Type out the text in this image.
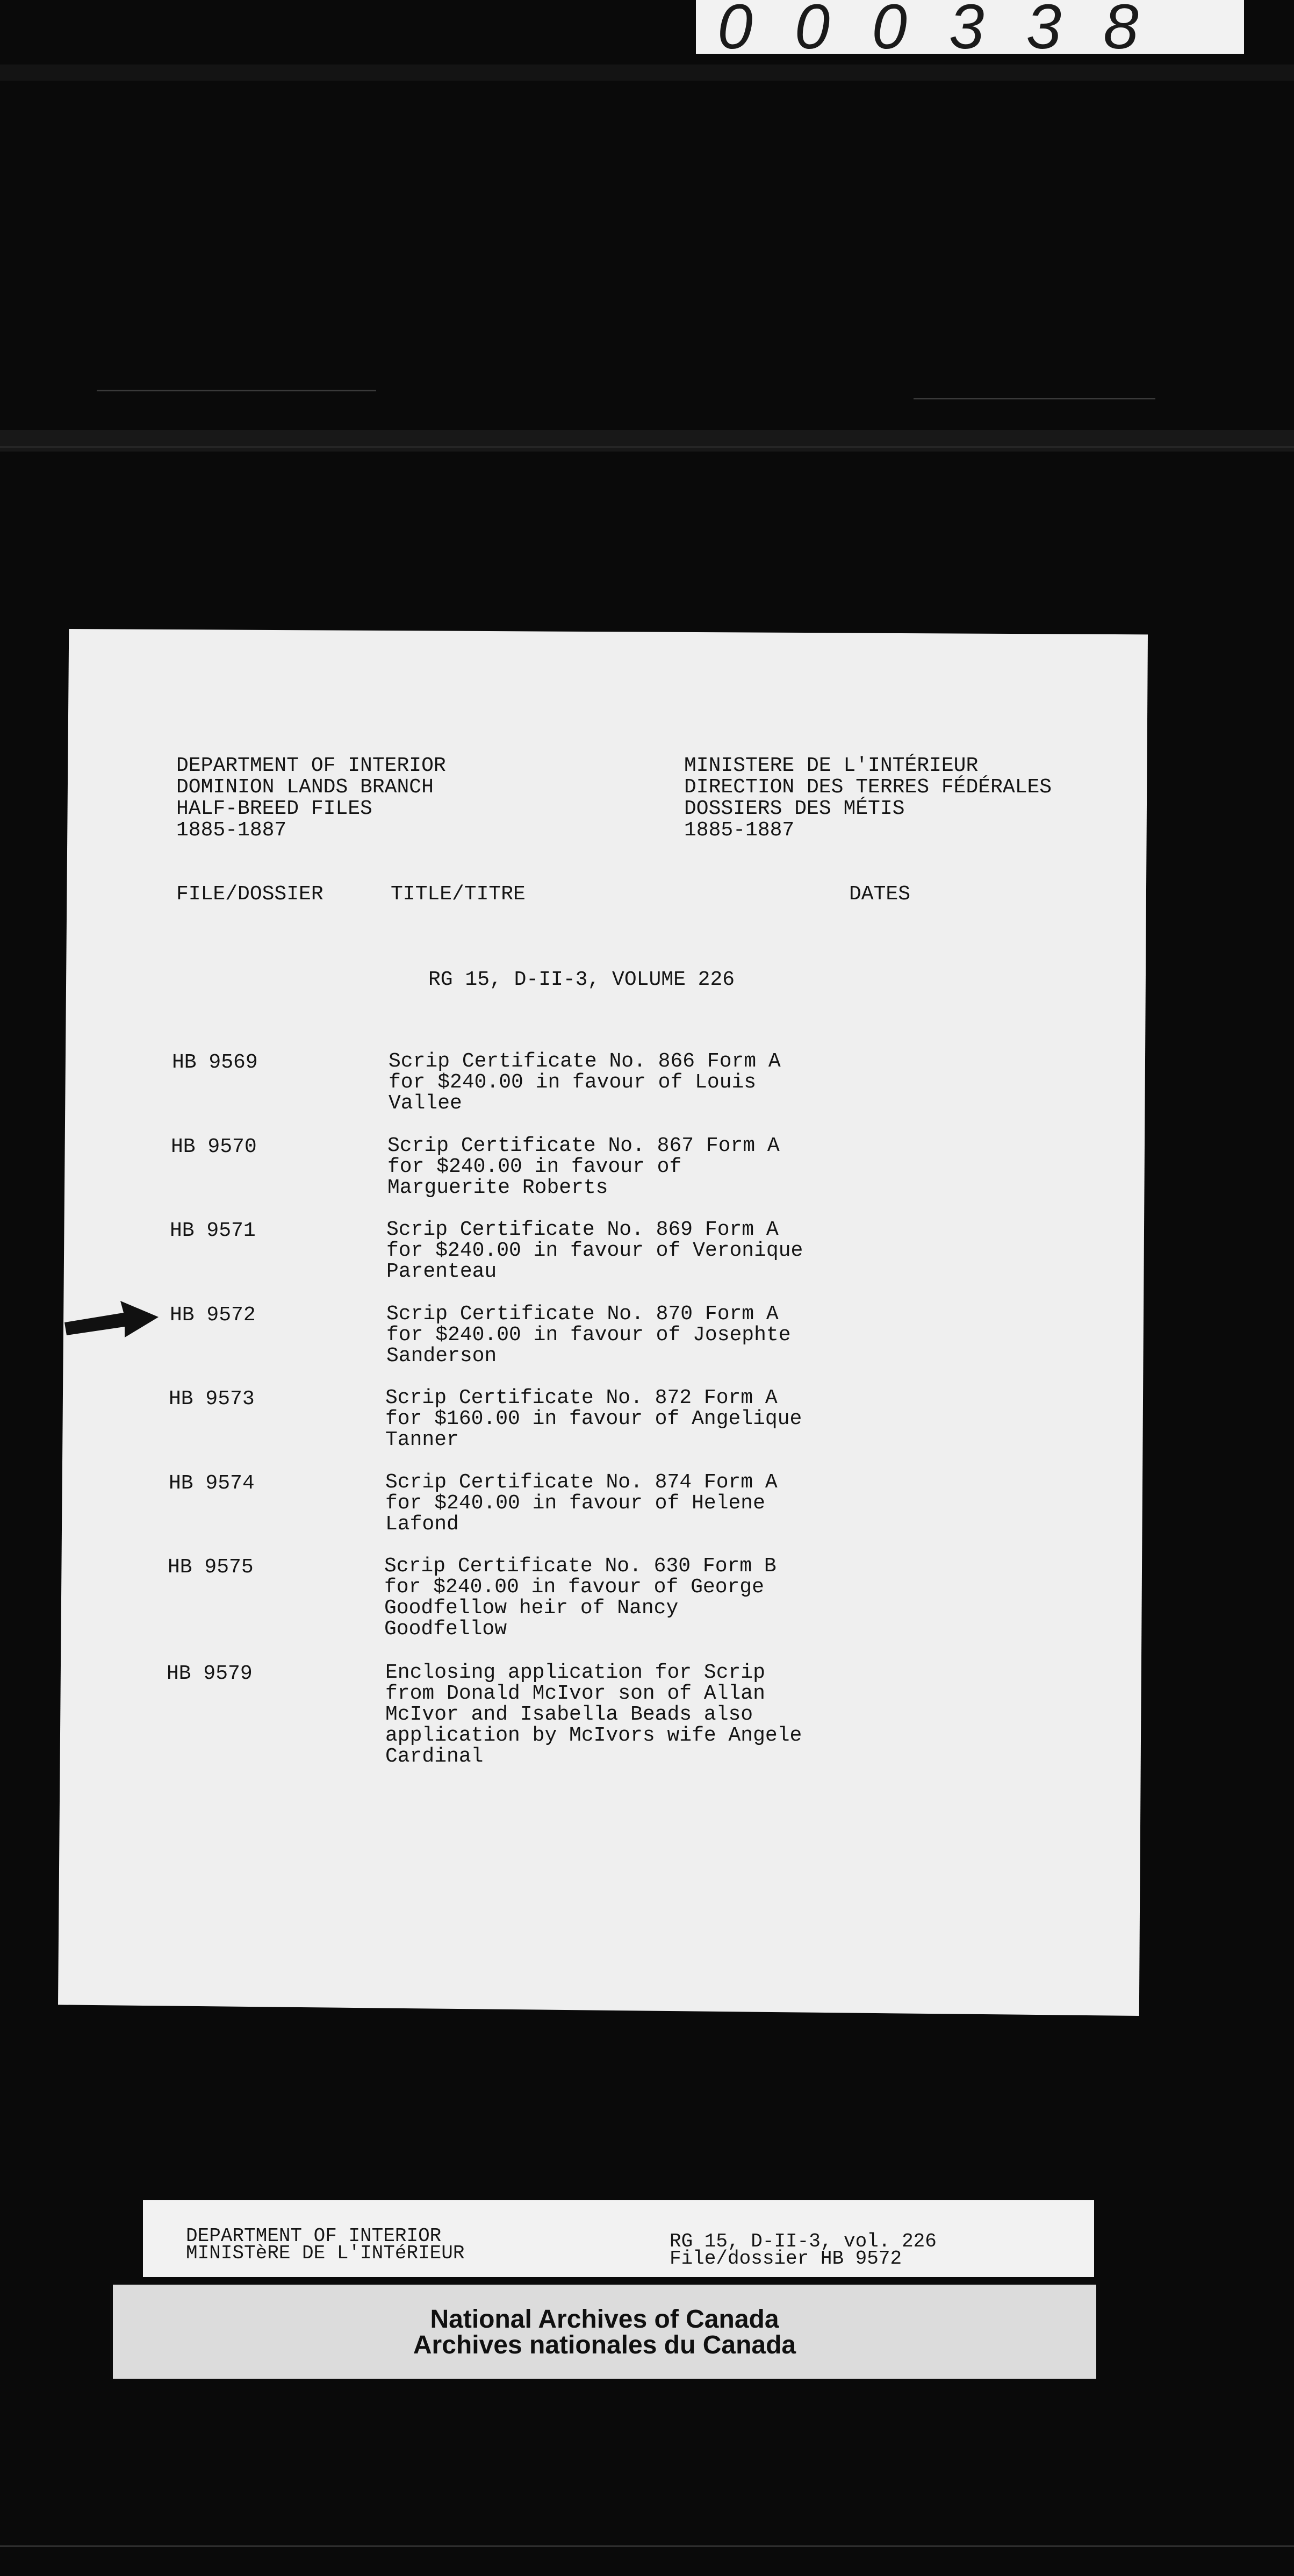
000338
DEPARTMENT OF INTERIOR
DOMINION LANDS BRANCH
HALF-BREED FILES
1885-1887
MINISTERE DE L'INTÉRIEUR
DIRECTION DES TERRES FÉDÉRALES
DOSSIERS DES MÉTIS
1885-1887
FILE/DOSSIER	TITLE/TITRE	DATES
RG 15, D-II-3, VOLUME 226
HB 9569	Scrip Certificate No. 866 Form A
for $240.00 in favour of Louis
Vallee
HB 9570	Scrip Certificate No. 867 Form A
for $240.00 in favour of
Marguerite Roberts
HB 9571	Scrip Certificate No. 869 Form A
for $240.00 in favour of Veronique
Parenteau
HB 9572	Scrip Certificate No. 870 Form A
for $240.00 in favour of Josephte
Sanderson
HB 9573	Scrip Certificate No. 872 Form A
for $160.00 in favour of Angelique
Tanner
HB 9574	Scrip Certificate No. 874 Form A
for $240.00 in favour of Helene
Lafond
HB 9575	Scrip Certificate No. 630 Form B
for $240.00 in favour of George
Goodfellow heir of Nancy
Goodfellow
HB 9579	Enclosing application for Scrip
from Donald McIvor son of Allan
McIvor and Isabella Beads also
application by McIvors wife Angele
Cardinal
DEPARTMENT OF INTERIOR
MINISTèRE DE L'INTéRIEUR
RG 15, D-II-3, vol. 226
File/dossier HB 9572
National Archives of Canada
Archives nationales du Canada
